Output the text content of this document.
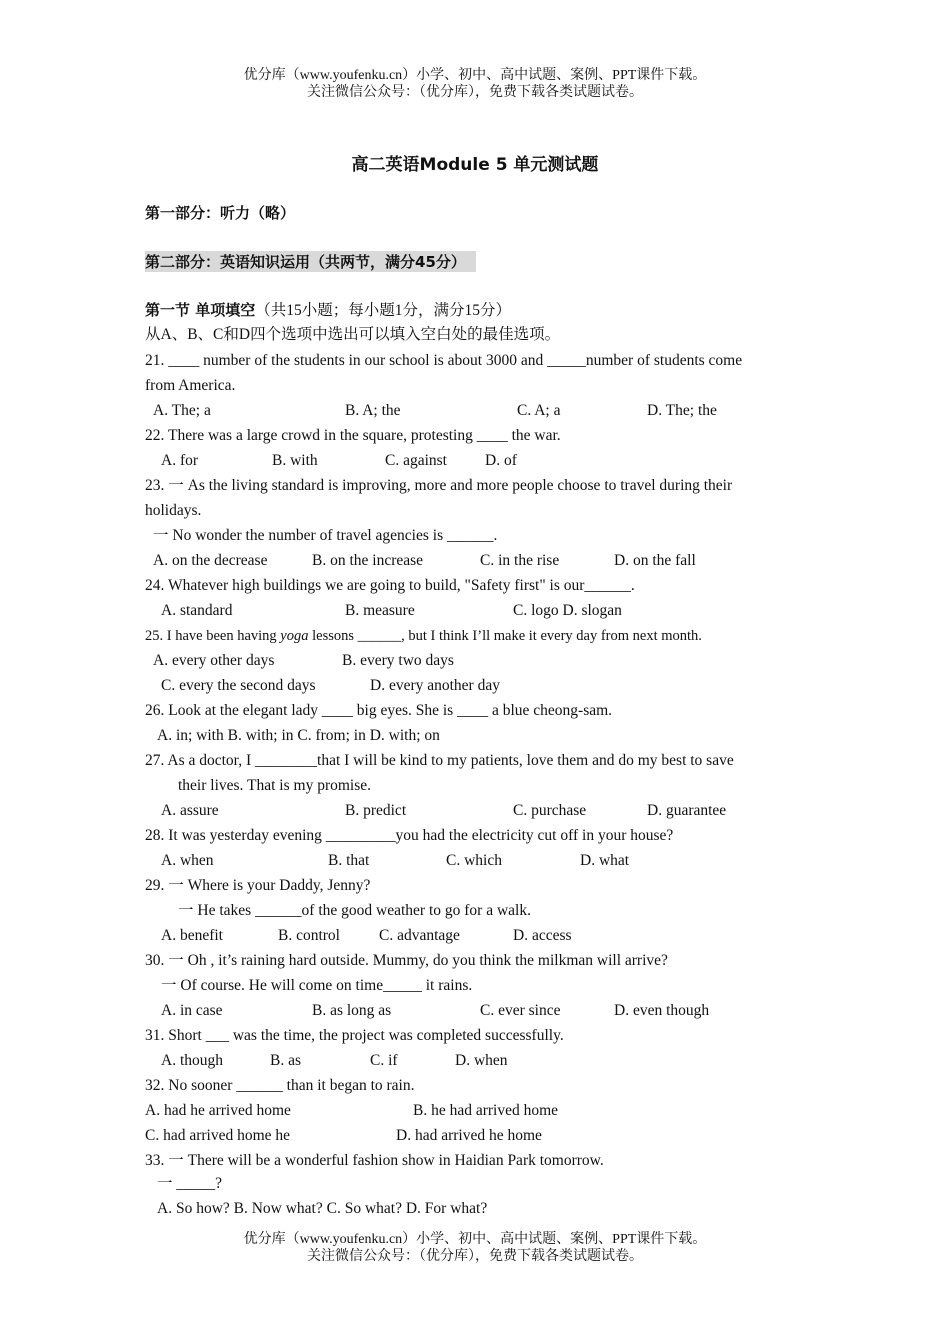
优分库（www.youfenku.cn）小学、初中、高中试题、案例、PPT课件下载。
关注微信公众号：（优分库），免费下载各类试题试卷。
高二英语Module 5 单元测试题
第一部分：听力（略）
第二部分：英语知识运用（共两节，满分45分）
第一节 单项填空（共15小题；每小题1分，满分15分）
从A、B、C和D四个选项中选出可以填入空白处的最佳选项。
21. ____ number of the students in our school is about 3000 and _____number of students come
from America.
A. The; a	B. A; the	C. A; a	D. The; the
22. There was a large crowd in the square, protesting ____ the war.
A. for	B. with	C. against D. of
23. 一 As the living standard is improving, more and more people choose to travel during their
holidays.
一 No wonder the number of travel agencies is ______.
A. on the decrease	B. on the increase	C. in the rise	D. on the fall
24. Whatever high buildings we are going to build, "Safety first" is our______.
A. standard	B. measure	C. logo D. slogan
25. I have been having yoga lessons ______, but I think I’ll make it every day from next month.
A. every other days	B. every two days
C. every the second days	D. every another day
26. Look at the elegant lady ____ big eyes. She is ____ a blue cheong-sam.
A. in; with B. with; in C. from; in D. with; on
27. As a doctor, I ________that I will be kind to my patients, love them and do my best to save
their lives. That is my promise.
A. assure	B. predict	C. purchase	D. guarantee
28. It was yesterday evening _________you had the electricity cut off in your house?
A. when	B. that	C. which	D. what
29. 一 Where is your Daddy, Jenny?
一 He takes ______of the good weather to go for a walk.
A. benefit	B. control	C. advantage	D. access
30. 一 Oh , it’s raining hard outside. Mummy, do you think the milkman will arrive?
一 Of course. He will come on time_____ it rains.
A. in case	B. as long as	C. ever since	D. even though
31. Short ___ was the time, the project was completed successfully.
A. though	B. as	C. if	D. when
32. No sooner ______ than it began to rain.
A. had he arrived home	B. he had arrived home
C. had arrived home he	D. had arrived he home
33. 一 There will be a wonderful fashion show in Haidian Park tomorrow.
一 _____?
A. So how? B. Now what? C. So what? D. For what?
优分库（www.youfenku.cn）小学、初中、高中试题、案例、PPT课件下载。
关注微信公众号：（优分库），免费下载各类试题试卷。
